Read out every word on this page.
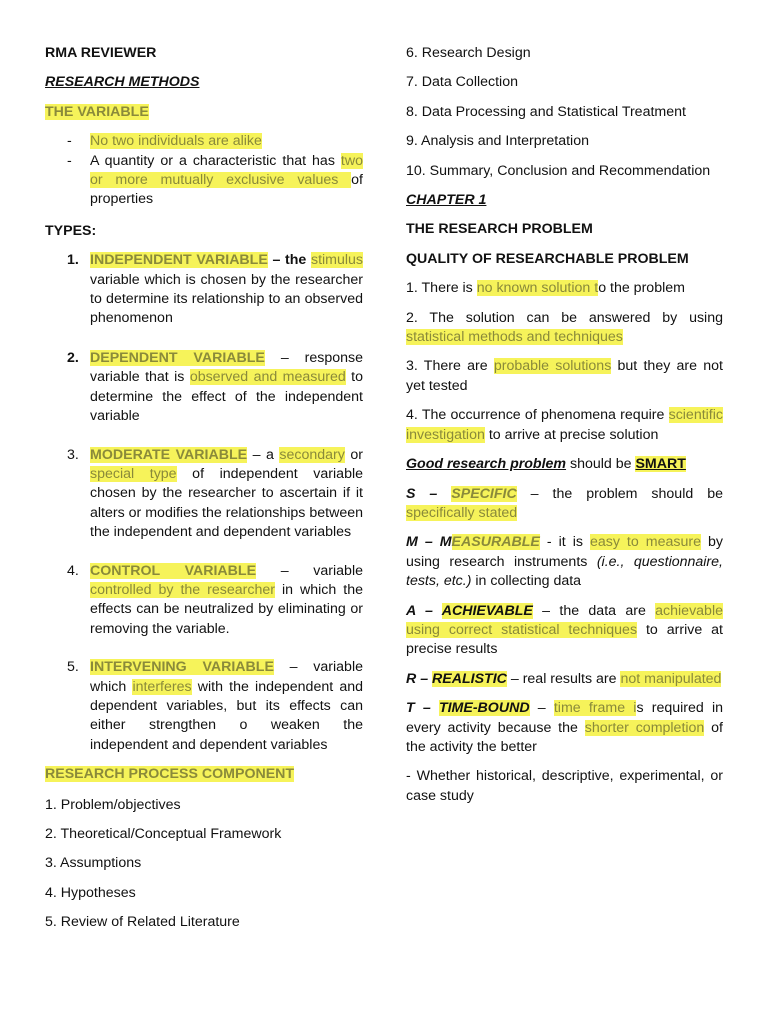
RMA REVIEWER

RESEARCH METHODS

THE VARIABLE

- No two individuals are alike
- A quantity or a characteristic that has two or more mutually exclusive values of properties

TYPES:

1. INDEPENDENT VARIABLE – the stimulus variable which is chosen by the researcher to determine its relationship to an observed phenomenon
2. DEPENDENT VARIABLE – response variable that is observed and measured to determine the effect of the independent variable
3. MODERATE VARIABLE – a secondary or special type of independent variable chosen by the researcher to ascertain if it alters or modifies the relationships between the independent and dependent variables
4. CONTROL VARIABLE – variable controlled by the researcher in which the effects can be neutralized by eliminating or removing the variable.
5. INTERVENING VARIABLE – variable which interferes with the independent and dependent variables, but its effects can either strengthen o weaken the independent and dependent variables

RESEARCH PROCESS COMPONENT

1. Problem/objectives

2. Theoretical/Conceptual Framework

3. Assumptions

4. Hypotheses

5. Review of Related Literature

6. Research Design

7. Data Collection

8. Data Processing and Statistical Treatment

9. Analysis and Interpretation

10. Summary, Conclusion and Recommendation

CHAPTER 1

THE RESEARCH PROBLEM

QUALITY OF RESEARCHABLE PROBLEM

1. There is no known solution to the problem

2. The solution can be answered by using statistical methods and techniques

3. There are probable solutions but they are not yet tested

4. The occurrence of phenomena require scientific investigation to arrive at precise solution

Good research problem should be SMART

S – SPECIFIC – the problem should be specifically stated

M – MEASURABLE - it is easy to measure by using research instruments (i.e., questionnaire, tests, etc.) in collecting data

A – ACHIEVABLE – the data are achievable using correct statistical techniques to arrive at precise results

R – REALISTIC – real results are not manipulated

T – TIME-BOUND – time frame is required in every activity because the shorter completion of the activity the better

- Whether historical, descriptive, experimental, or case study
